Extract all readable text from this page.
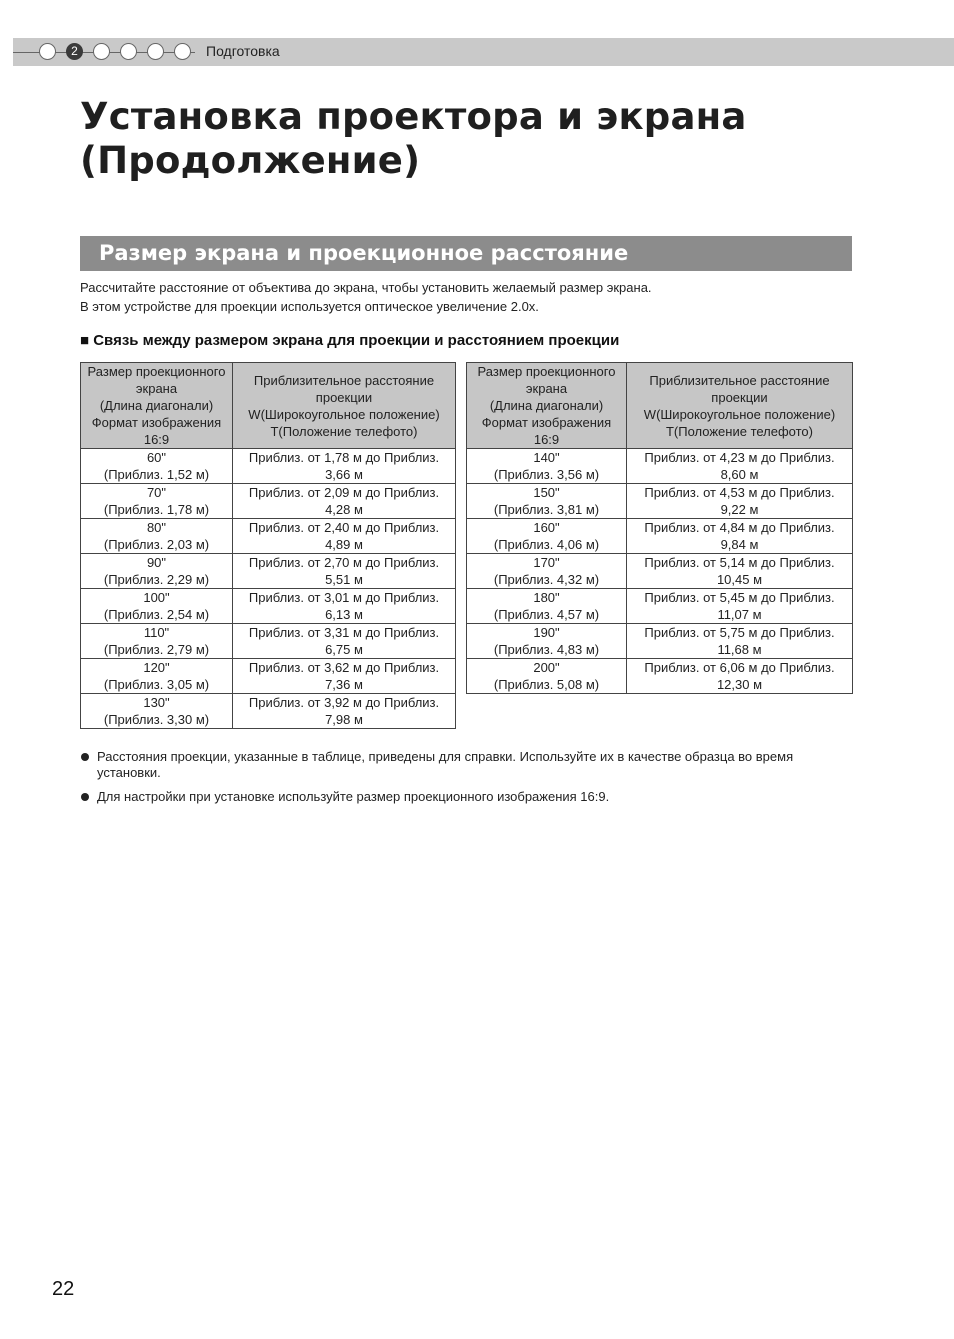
2	Подготовка
Установка проектора и экрана
(Продолжение)
Размер экрана и проекционное расстояние
Рассчитайте расстояние от объектива до экрана, чтобы установить желаемый размер экрана.
В этом устройстве для проекции используется оптическое увеличение 2.0x.
■ Связь между размером экрана для проекции и расстоянием проекции
Размер проекционного
экрана
(Длина диагонали)
Формат изображения
16:9	Приблизительное расстояние
проекции
W(Широкоугольное положение)
T(Положение телефото)
60"
(Приблиз. 1,52 м)	Приблиз. от 1,78 м до Приблиз.
3,66 м
70"
(Приблиз. 1,78 м)	Приблиз. от 2,09 м до Приблиз.
4,28 м
80"
(Приблиз. 2,03 м)	Приблиз. от 2,40 м до Приблиз.
4,89 м
90"
(Приблиз. 2,29 м)	Приблиз. от 2,70 м до Приблиз.
5,51 м
100"
(Приблиз. 2,54 м)	Приблиз. от 3,01 м до Приблиз.
6,13 м
110"
(Приблиз. 2,79 м)	Приблиз. от 3,31 м до Приблиз.
6,75 м
120"
(Приблиз. 3,05 м)	Приблиз. от 3,62 м до Приблиз.
7,36 м
130"
(Приблиз. 3,30 м)	Приблиз. от 3,92 м до Приблиз.
7,98 м
Размер проекционного
экрана
(Длина диагонали)
Формат изображения
16:9	Приблизительное расстояние
проекции
W(Широкоугольное положение)
T(Положение телефото)
140"
(Приблиз. 3,56 м)	Приблиз. от 4,23 м до Приблиз.
8,60 м
150"
(Приблиз. 3,81 м)	Приблиз. от 4,53 м до Приблиз.
9,22 м
160"
(Приблиз. 4,06 м)	Приблиз. от 4,84 м до Приблиз.
9,84 м
170"
(Приблиз. 4,32 м)	Приблиз. от 5,14 м до Приблиз.
10,45 м
180"
(Приблиз. 4,57 м)	Приблиз. от 5,45 м до Приблиз.
11,07 м
190"
(Приблиз. 4,83 м)	Приблиз. от 5,75 м до Приблиз.
11,68 м
200"
(Приблиз. 5,08 м)	Приблиз. от 6,06 м до Приблиз.
12,30 м
Расстояния проекции, указанные в таблице, приведены для справки. Используйте их в качестве образца во время
установки.
Для настройки при установке используйте размер проекционного изображения 16:9.
22
